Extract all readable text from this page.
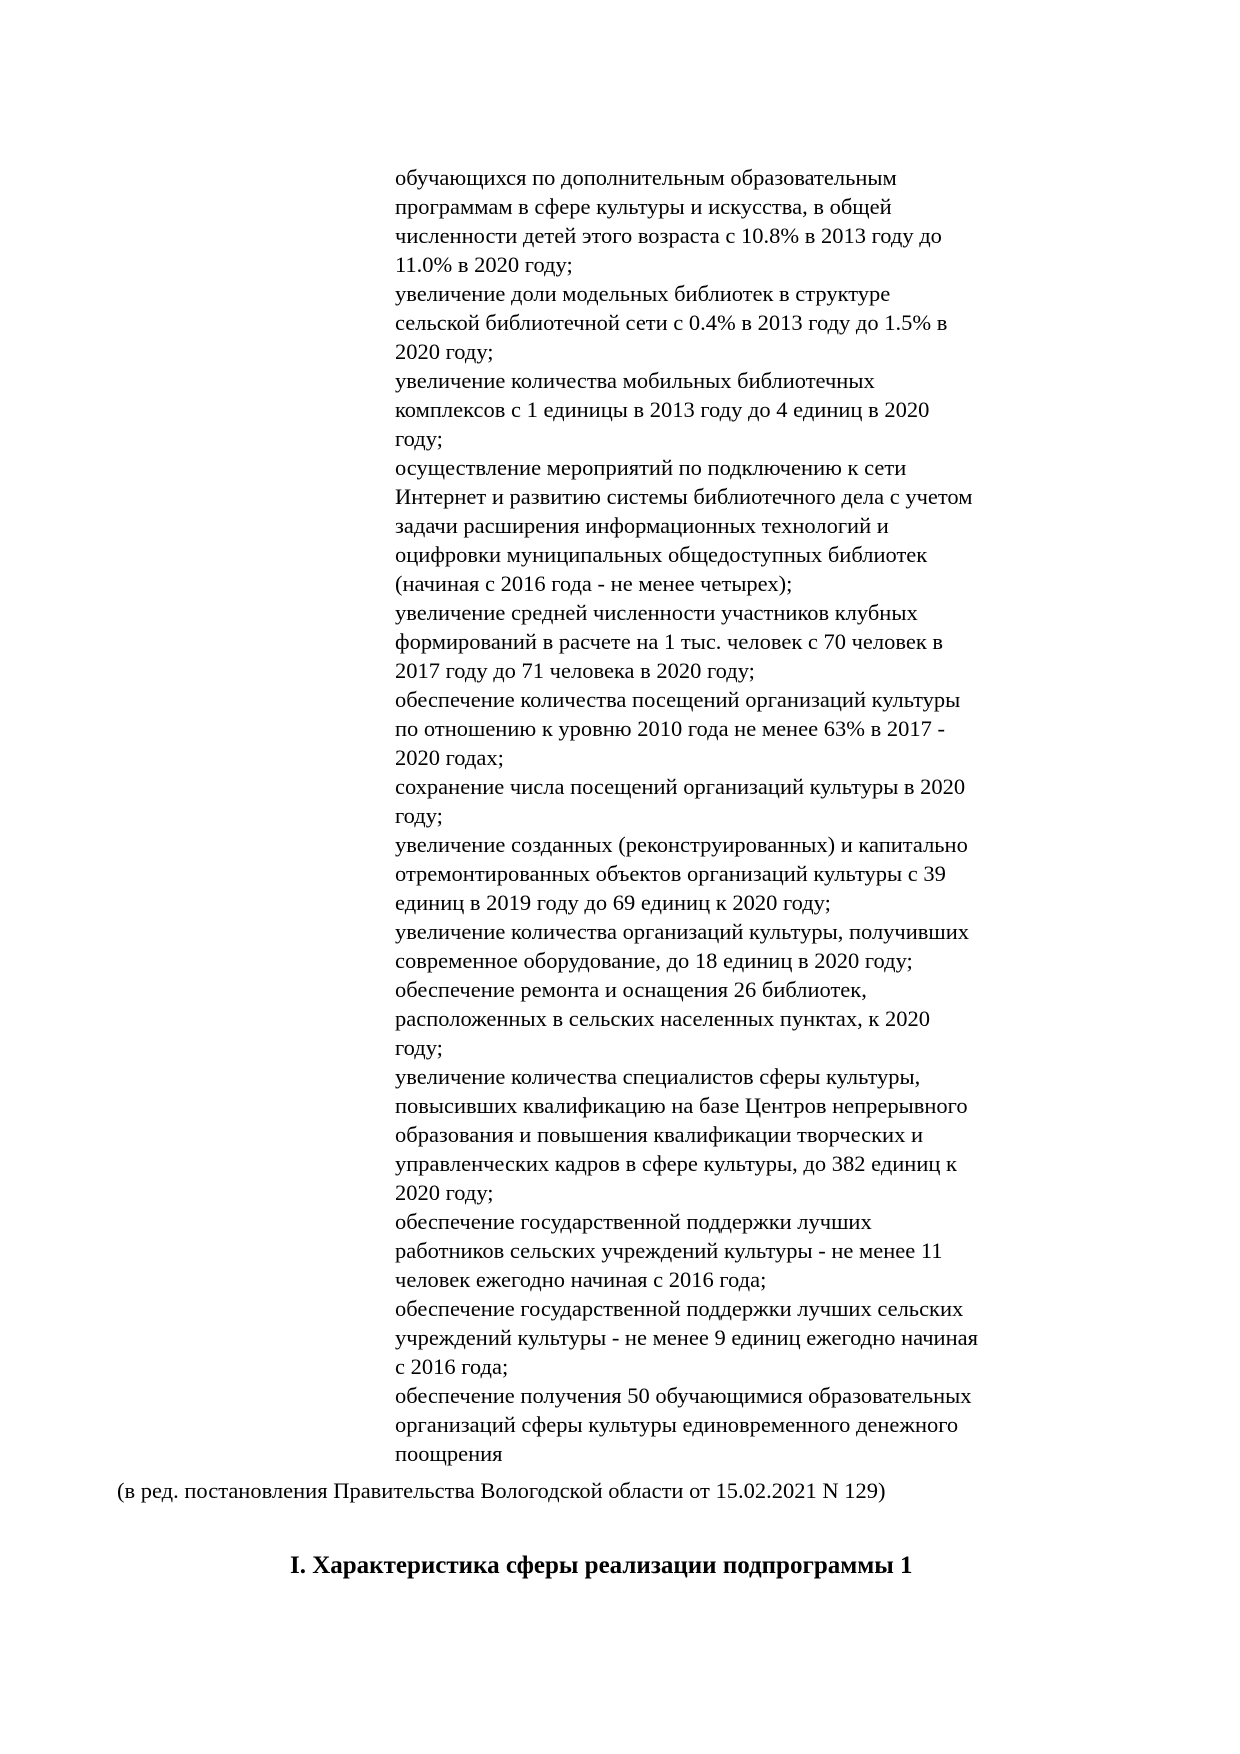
обучающихся по дополнительным образовательным
программам в сфере культуры и искусства, в общей
численности детей этого возраста с 10.8% в 2013 году до
11.0% в 2020 году;
увеличение доли модельных библиотек в структуре
сельской библиотечной сети с 0.4% в 2013 году до 1.5% в
2020 году;
увеличение количества мобильных библиотечных
комплексов с 1 единицы в 2013 году до 4 единиц в 2020
году;
осуществление мероприятий по подключению к сети
Интернет и развитию системы библиотечного дела с учетом
задачи расширения информационных технологий и
оцифровки муниципальных общедоступных библиотек
(начиная с 2016 года - не менее четырех);
увеличение средней численности участников клубных
формирований в расчете на 1 тыс. человек с 70 человек в
2017 году до 71 человека в 2020 году;
обеспечение количества посещений организаций культуры
по отношению к уровню 2010 года не менее 63% в 2017 -
2020 годах;
сохранение числа посещений организаций культуры в 2020
году;
увеличение созданных (реконструированных) и капитально
отремонтированных объектов организаций культуры с 39
единиц в 2019 году до 69 единиц к 2020 году;
увеличение количества организаций культуры, получивших
современное оборудование, до 18 единиц в 2020 году;
обеспечение ремонта и оснащения 26 библиотек,
расположенных в сельских населенных пунктах, к 2020
году;
увеличение количества специалистов сферы культуры,
повысивших квалификацию на базе Центров непрерывного
образования и повышения квалификации творческих и
управленческих кадров в сфере культуры, до 382 единиц к
2020 году;
обеспечение государственной поддержки лучших
работников сельских учреждений культуры - не менее 11
человек ежегодно начиная с 2016 года;
обеспечение государственной поддержки лучших сельских
учреждений культуры - не менее 9 единиц ежегодно начиная
с 2016 года;
обеспечение получения 50 обучающимися образовательных
организаций сферы культуры единовременного денежного
поощрения
(в ред. постановления Правительства Вологодской области от 15.02.2021 N 129)
I. Характеристика сферы реализации подпрограммы 1
